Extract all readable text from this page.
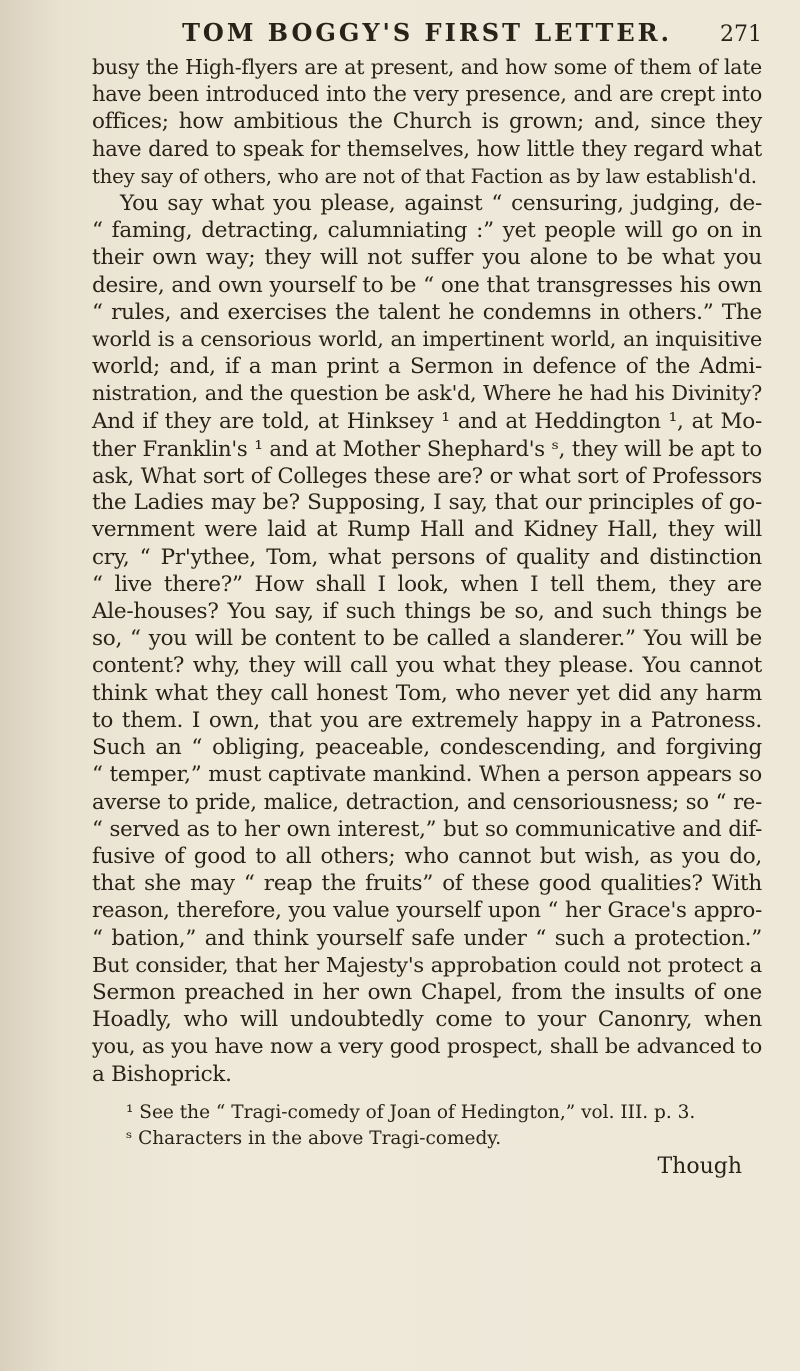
TOM BOGGY'S FIRST LETTER.	271
busy the High-flyers are at present, and how some of them of late
have been introduced into the very presence, and are crept into
offices; how ambitious the Church is grown; and, since they
have dared to speak for themselves, how little they regard what
they say of others, who are not of that Faction as by law establish'd.
You say what you please, against “ censuring, judging, de-
“ faming, detracting, calumniating :” yet people will go on in
their own way; they will not suffer you alone to be what you
desire, and own yourself to be “ one that transgresses his own
“ rules, and exercises the talent he condemns in others.” The
world is a censorious world, an impertinent world, an inquisitive
world; and, if a man print a Sermon in defence of the Admi-
nistration, and the question be ask'd, Where he had his Divinity?
And if they are told, at Hinksey ¹ and at Heddington ¹, at Mo-
ther Franklin's ¹ and at Mother Shephard's ˢ, they will be apt to
ask, What sort of Colleges these are? or what sort of Professors
the Ladies may be? Supposing, I say, that our principles of go-
vernment were laid at Rump Hall and Kidney Hall, they will
cry, “ Pr'ythee, Tom, what persons of quality and distinction
“ live there?” How shall I look, when I tell them, they are
Ale-houses? You say, if such things be so, and such things be
so, “ you will be content to be called a slanderer.” You will be
content? why, they will call you what they please. You cannot
think what they call honest Tom, who never yet did any harm
to them. I own, that you are extremely happy in a Patroness.
Such an “ obliging, peaceable, condescending, and forgiving
“ temper,” must captivate mankind. When a person appears so
averse to pride, malice, detraction, and censoriousness; so “ re-
“ served as to her own interest,” but so communicative and dif-
fusive of good to all others; who cannot but wish, as you do,
that she may “ reap the fruits” of these good qualities? With
reason, therefore, you value yourself upon “ her Grace's appro-
“ bation,” and think yourself safe under “ such a protection.”
But consider, that her Majesty's approbation could not protect a
Sermon preached in her own Chapel, from the insults of one
Hoadly, who will undoubtedly come to your Canonry, when
you, as you have now a very good prospect, shall be advanced to
a Bishoprick.
¹ See the “ Tragi-comedy of Joan of Hedington,” vol. III. p. 3.
ˢ Characters in the above Tragi-comedy.
Though
